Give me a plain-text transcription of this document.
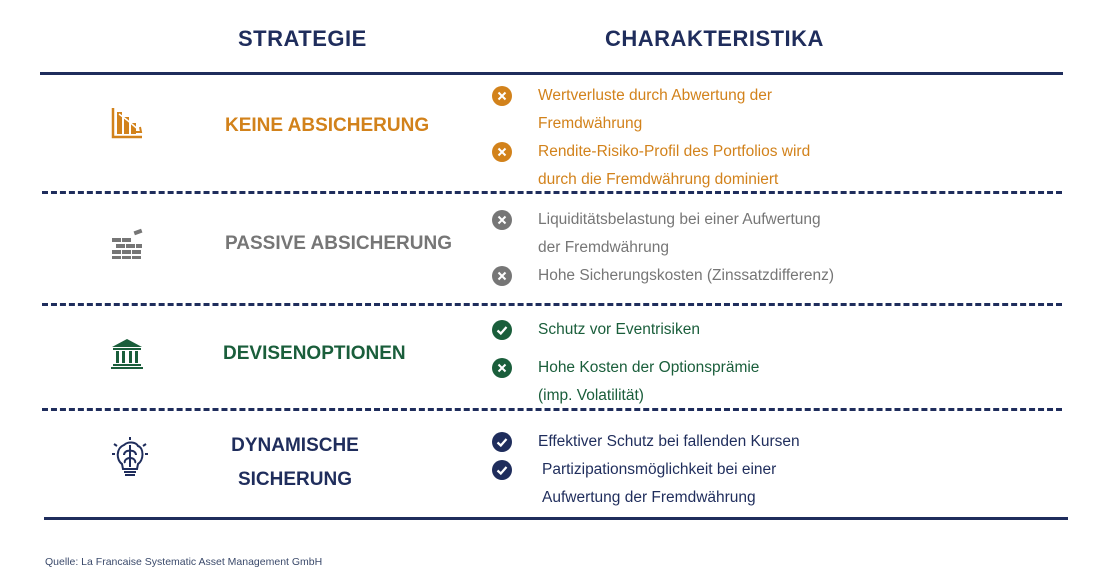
STRATEGIE	CHARAKTERISTIKA
KEINE ABSICHERUNG
Wertverluste durch Abwertung der
Fremdwährung
Rendite-Risiko-Profil des Portfolios wird
durch die Fremdwährung dominiert
PASSIVE ABSICHERUNG
Liquiditätsbelastung bei einer Aufwertung
der Fremdwährung
Hohe Sicherungskosten (Zinssatzdifferenz)
DEVISENOPTIONEN
Schutz vor Eventrisiken
Hohe Kosten der Optionsprämie
(imp. Volatilität)
DYNAMISCHE
SICHERUNG
Effektiver Schutz bei fallenden Kursen
Partizipationsmöglichkeit bei einer
Aufwertung der Fremdwährung
Quelle: La Francaise Systematic Asset Management GmbH
